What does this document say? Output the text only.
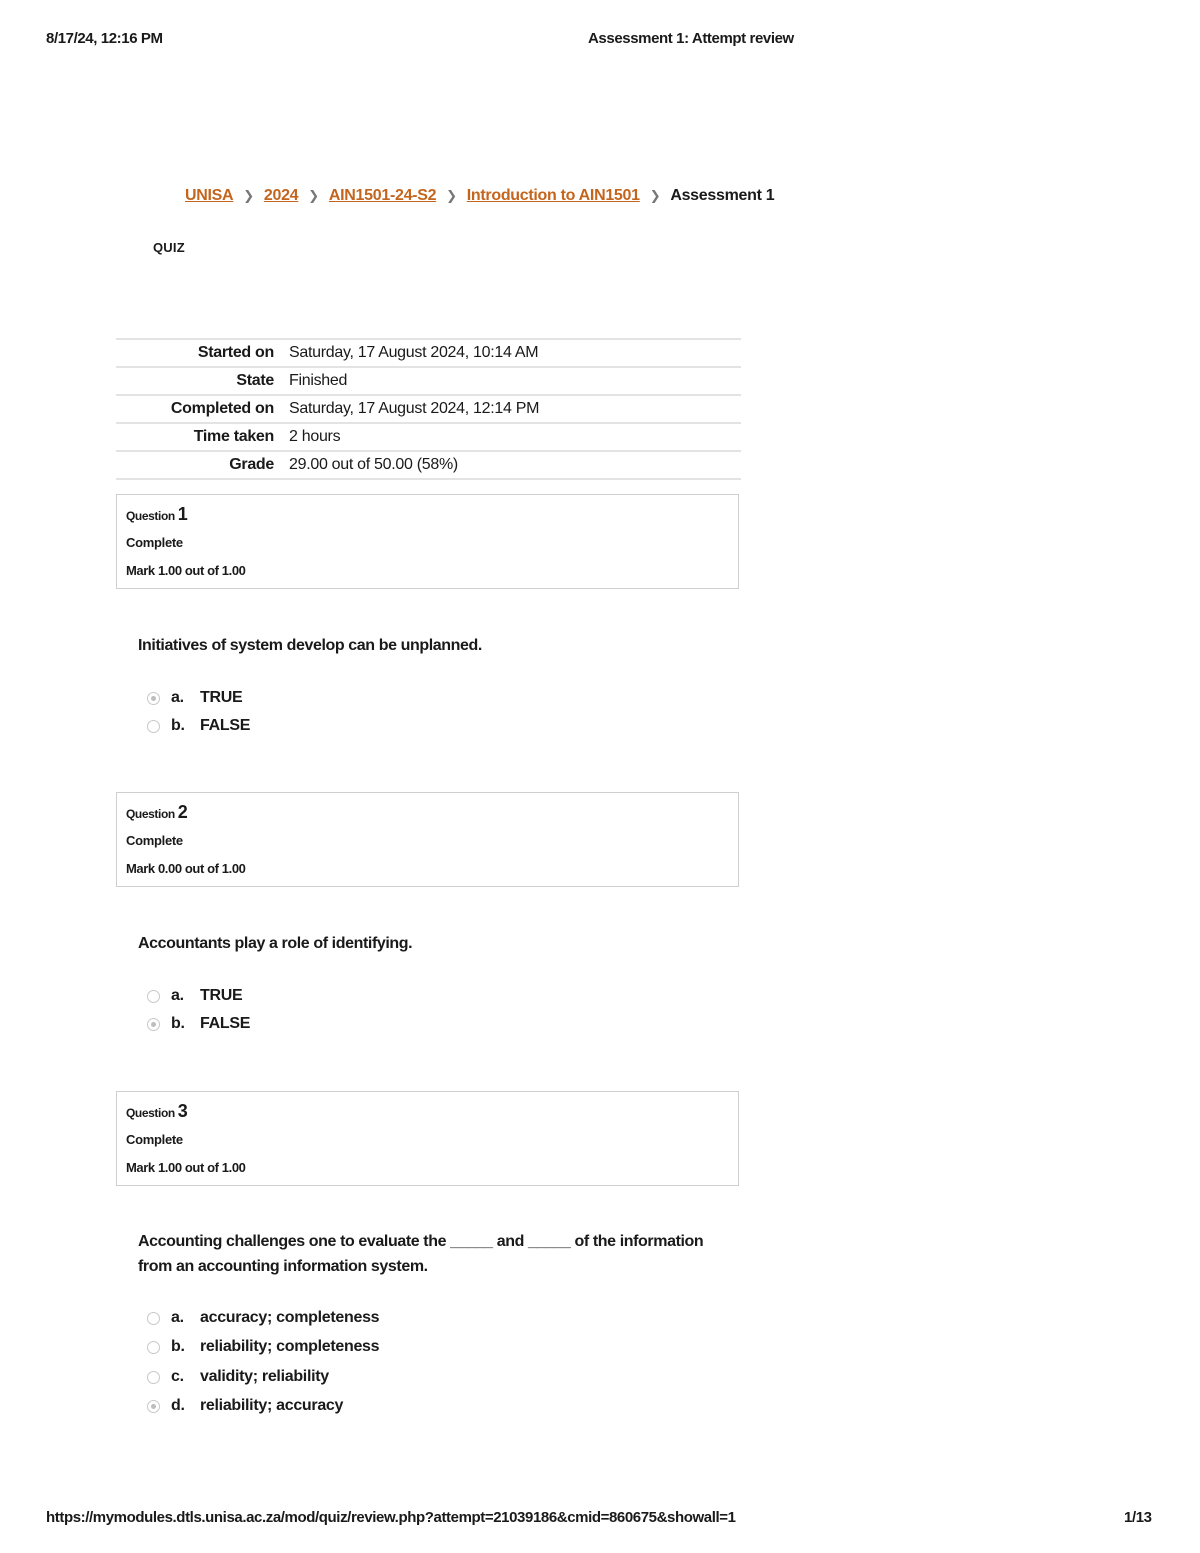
8/17/24, 12:16 PM	Assessment 1: Attempt review
UNISA ❯ 2024 ❯ AIN1501-24-S2 ❯ Introduction to AIN1501 ❯ Assessment 1
QUIZ
Started on	Saturday, 17 August 2024, 10:14 AM
State	Finished
Completed on	Saturday, 17 August 2024, 12:14 PM
Time taken	2 hours
Grade	29.00 out of 50.00 (58%)
Question 1
Complete
Mark 1.00 out of 1.00
Initiatives of system develop can be unplanned.
a.	TRUE
b. FALSE
Question 2
Complete
Mark 0.00 out of 1.00
Accountants play a role of identifying.
a.	TRUE
b. FALSE
Question 3
Complete
Mark 1.00 out of 1.00
Accounting challenges one to evaluate the _____ and _____ of the information from an accounting information system.
a.	accuracy; completeness
b. reliability; completeness
c.	validity; reliability
d. reliability; accuracy
https://mymodules.dtls.unisa.ac.za/mod/quiz/review.php?attempt=21039186&cmid=860675&showall=1	1/13
